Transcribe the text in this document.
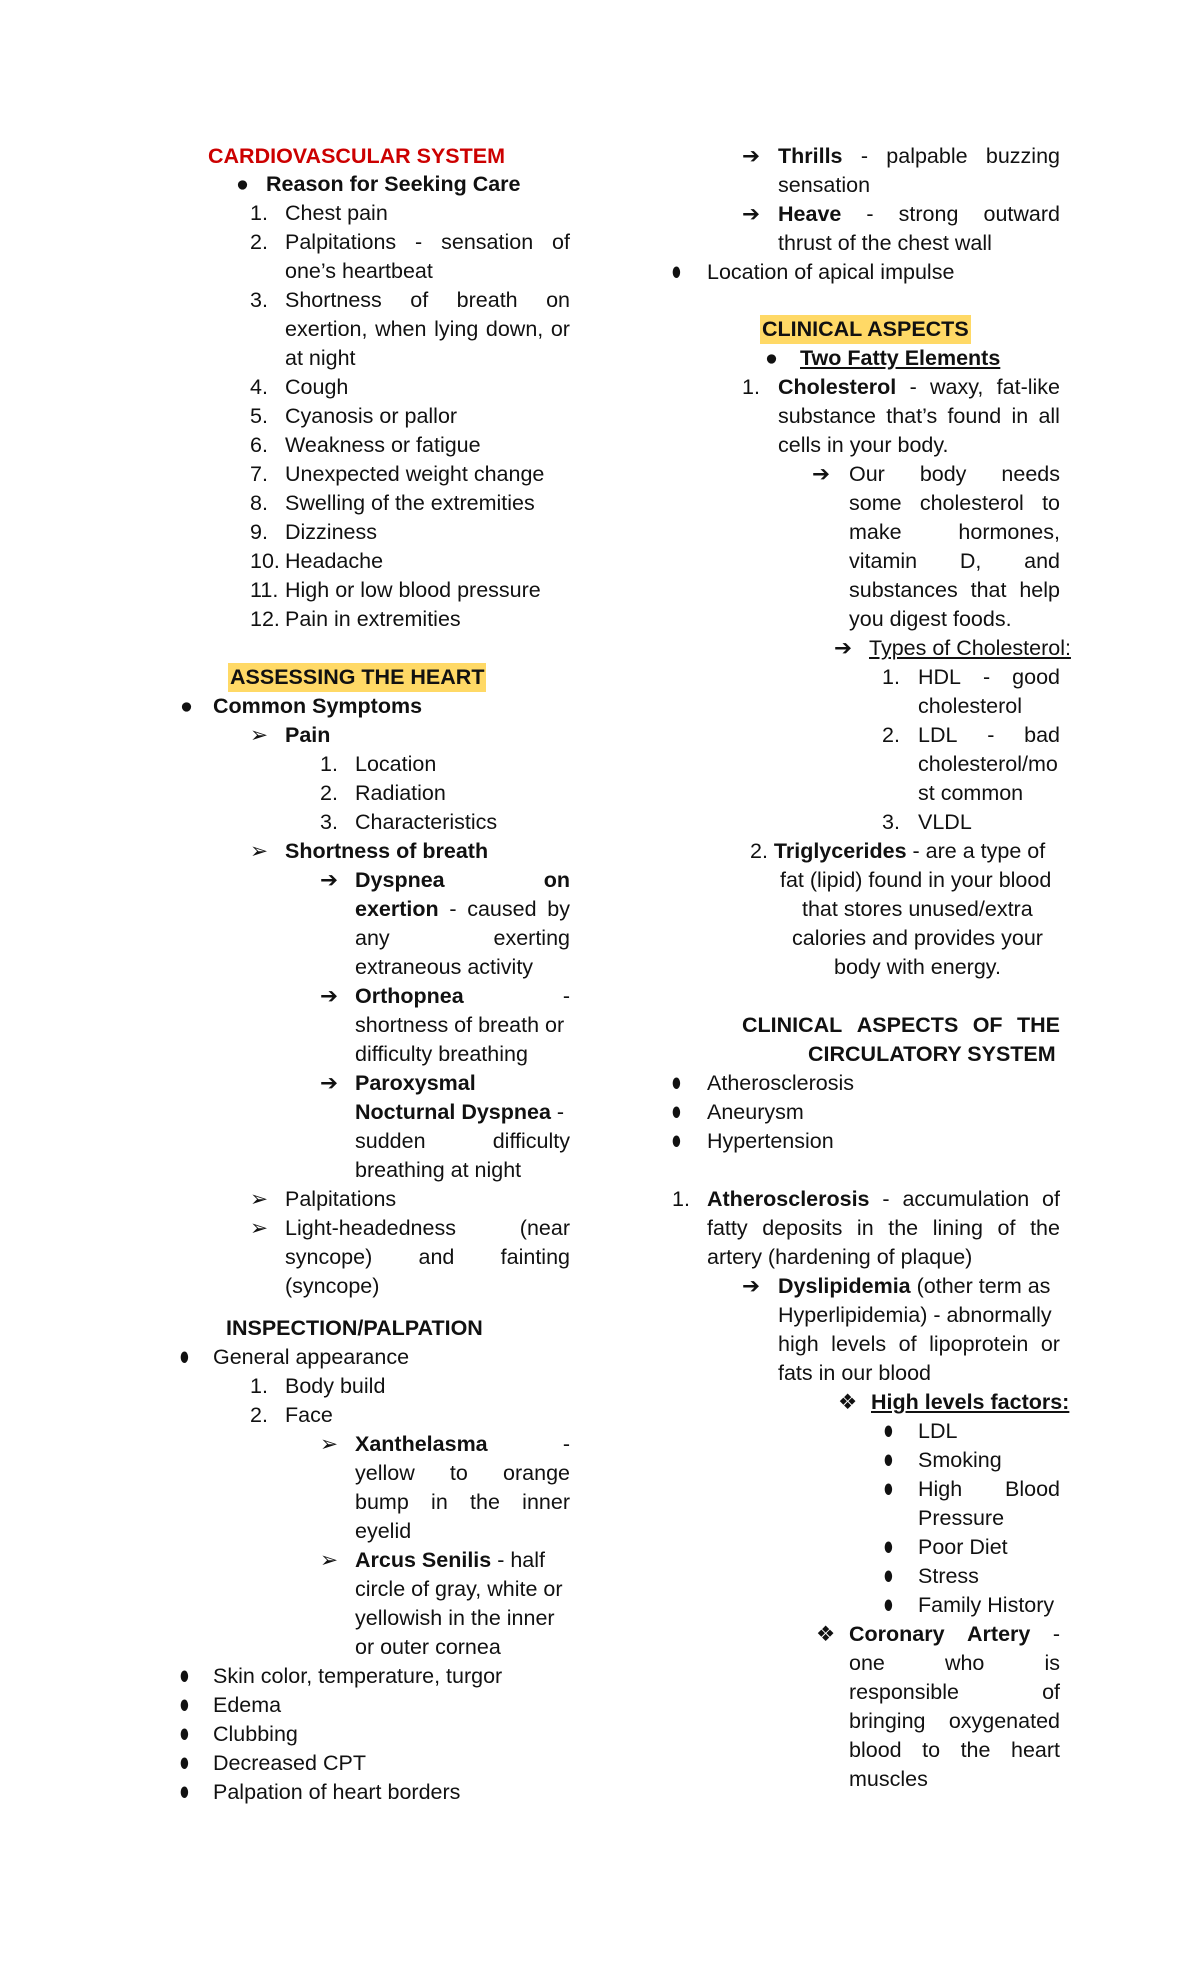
CARDIOVASCULAR SYSTEM
● Reason for Seeking Care
1. Chest pain
2. Palpitations - sensation of
one’s heartbeat
3. Shortness of breath on
exertion, when lying down, or
at night
4. Cough
5. Cyanosis or pallor
6. Weakness or fatigue
7. Unexpected weight change
8. Swelling of the extremities
9. Dizziness
10. Headache
11. High or low blood pressure
12. Pain in extremities
ASSESSING THE HEART
● Common Symptoms
➢ Pain
1. Location
2. Radiation
3. Characteristics
➢ Shortness of breath
➔ Dyspnea	on
exertion - caused by
any	exerting
extraneous activity
➔ Orthopnea	-
shortness of breath or
difficulty breathing
➔ Paroxysmal
Nocturnal Dyspnea -
sudden	difficulty
breathing at night
➢ Palpitations
➢ Light-headedness	(near
syncope) and fainting
(syncope)
INSPECTION/PALPATION
⬮ General appearance
1. Body build
2. Face
➢ Xanthelasma	-
yellow to orange
bump in the inner
eyelid
➢ Arcus Senilis - half
circle of gray, white or
yellowish in the inner
or outer cornea
⬮ Skin color, temperature, turgor
⬮ Edema
⬮ Clubbing
⬮ Decreased CPT
⬮ Palpation of heart borders
➔ Thrills - palpable buzzing
sensation
➔ Heave - strong outward
thrust of the chest wall
⬮ Location of apical impulse
CLINICAL ASPECTS
● Two Fatty Elements
1. Cholesterol - waxy, fat-like
substance that’s found in all
cells in your body.
➔ Our body needs
some cholesterol to
make	hormones,
vitamin D, and
substances that help
you digest foods.
➔ Types of Cholesterol:
1. HDL - good
cholesterol
2. LDL - bad
cholesterol/mo
st common
3. VLDL
2. Triglycerides - are a type of
fat (lipid) found in your blood
that stores unused/extra
calories and provides your
body with energy.
CLINICAL ASPECTS OF THE
CIRCULATORY SYSTEM
⬮ Atherosclerosis
⬮ Aneurysm
⬮ Hypertension
1. Atherosclerosis - accumulation of
fatty deposits in the lining of the
artery (hardening of plaque)
➔ Dyslipidemia (other term as
Hyperlipidemia) - abnormally
high levels of lipoprotein or
fats in our blood
❖ High levels factors:
⬮ LDL
⬮ Smoking
⬮ High Blood
Pressure
⬮ Poor Diet
⬮ Stress
⬮ Family History
❖ Coronary Artery -
one	who	is
responsible	of
bringing oxygenated
blood to the heart
muscles
